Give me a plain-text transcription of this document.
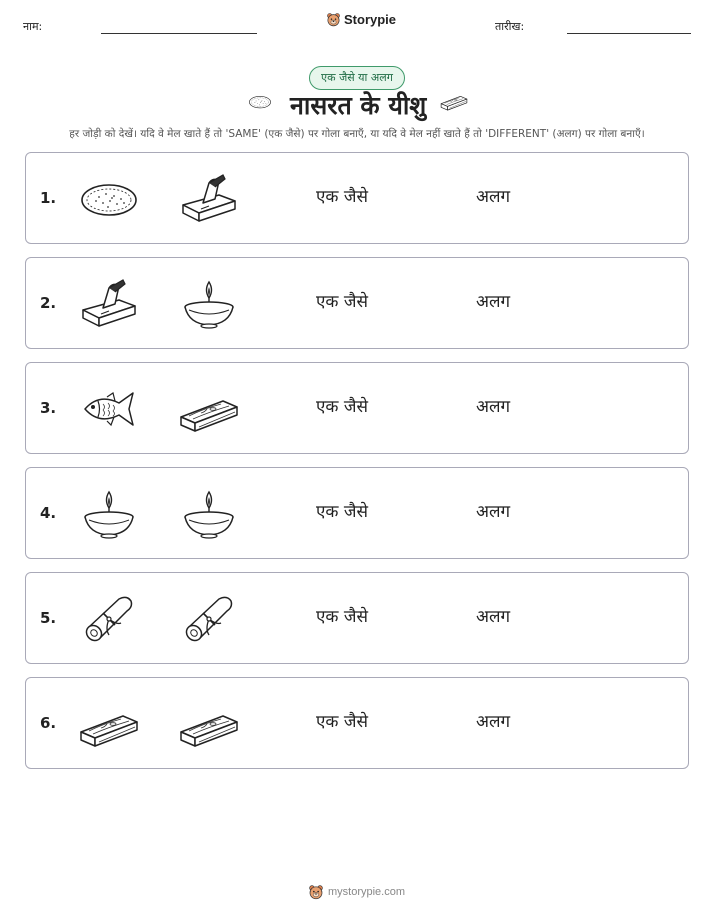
नाम:	Storypie	तारीख:
एक जैसे या अलग
नासरत के यीशु
हर जोड़ी को देखें। यदि वे मेल खाते हैं तो 'SAME' (एक जैसे) पर गोला बनाएँ, या यदि वे मेल नहीं खाते हैं तो 'DIFFERENT' (अलग) पर गोला बनाएँ।
1.	एक जैसे	अलग
2.	एक जैसे	अलग
3.	एक जैसे	अलग
4.	एक जैसे	अलग
5.	एक जैसे	अलग
6.	एक जैसे	अलग
mystorypie.com
